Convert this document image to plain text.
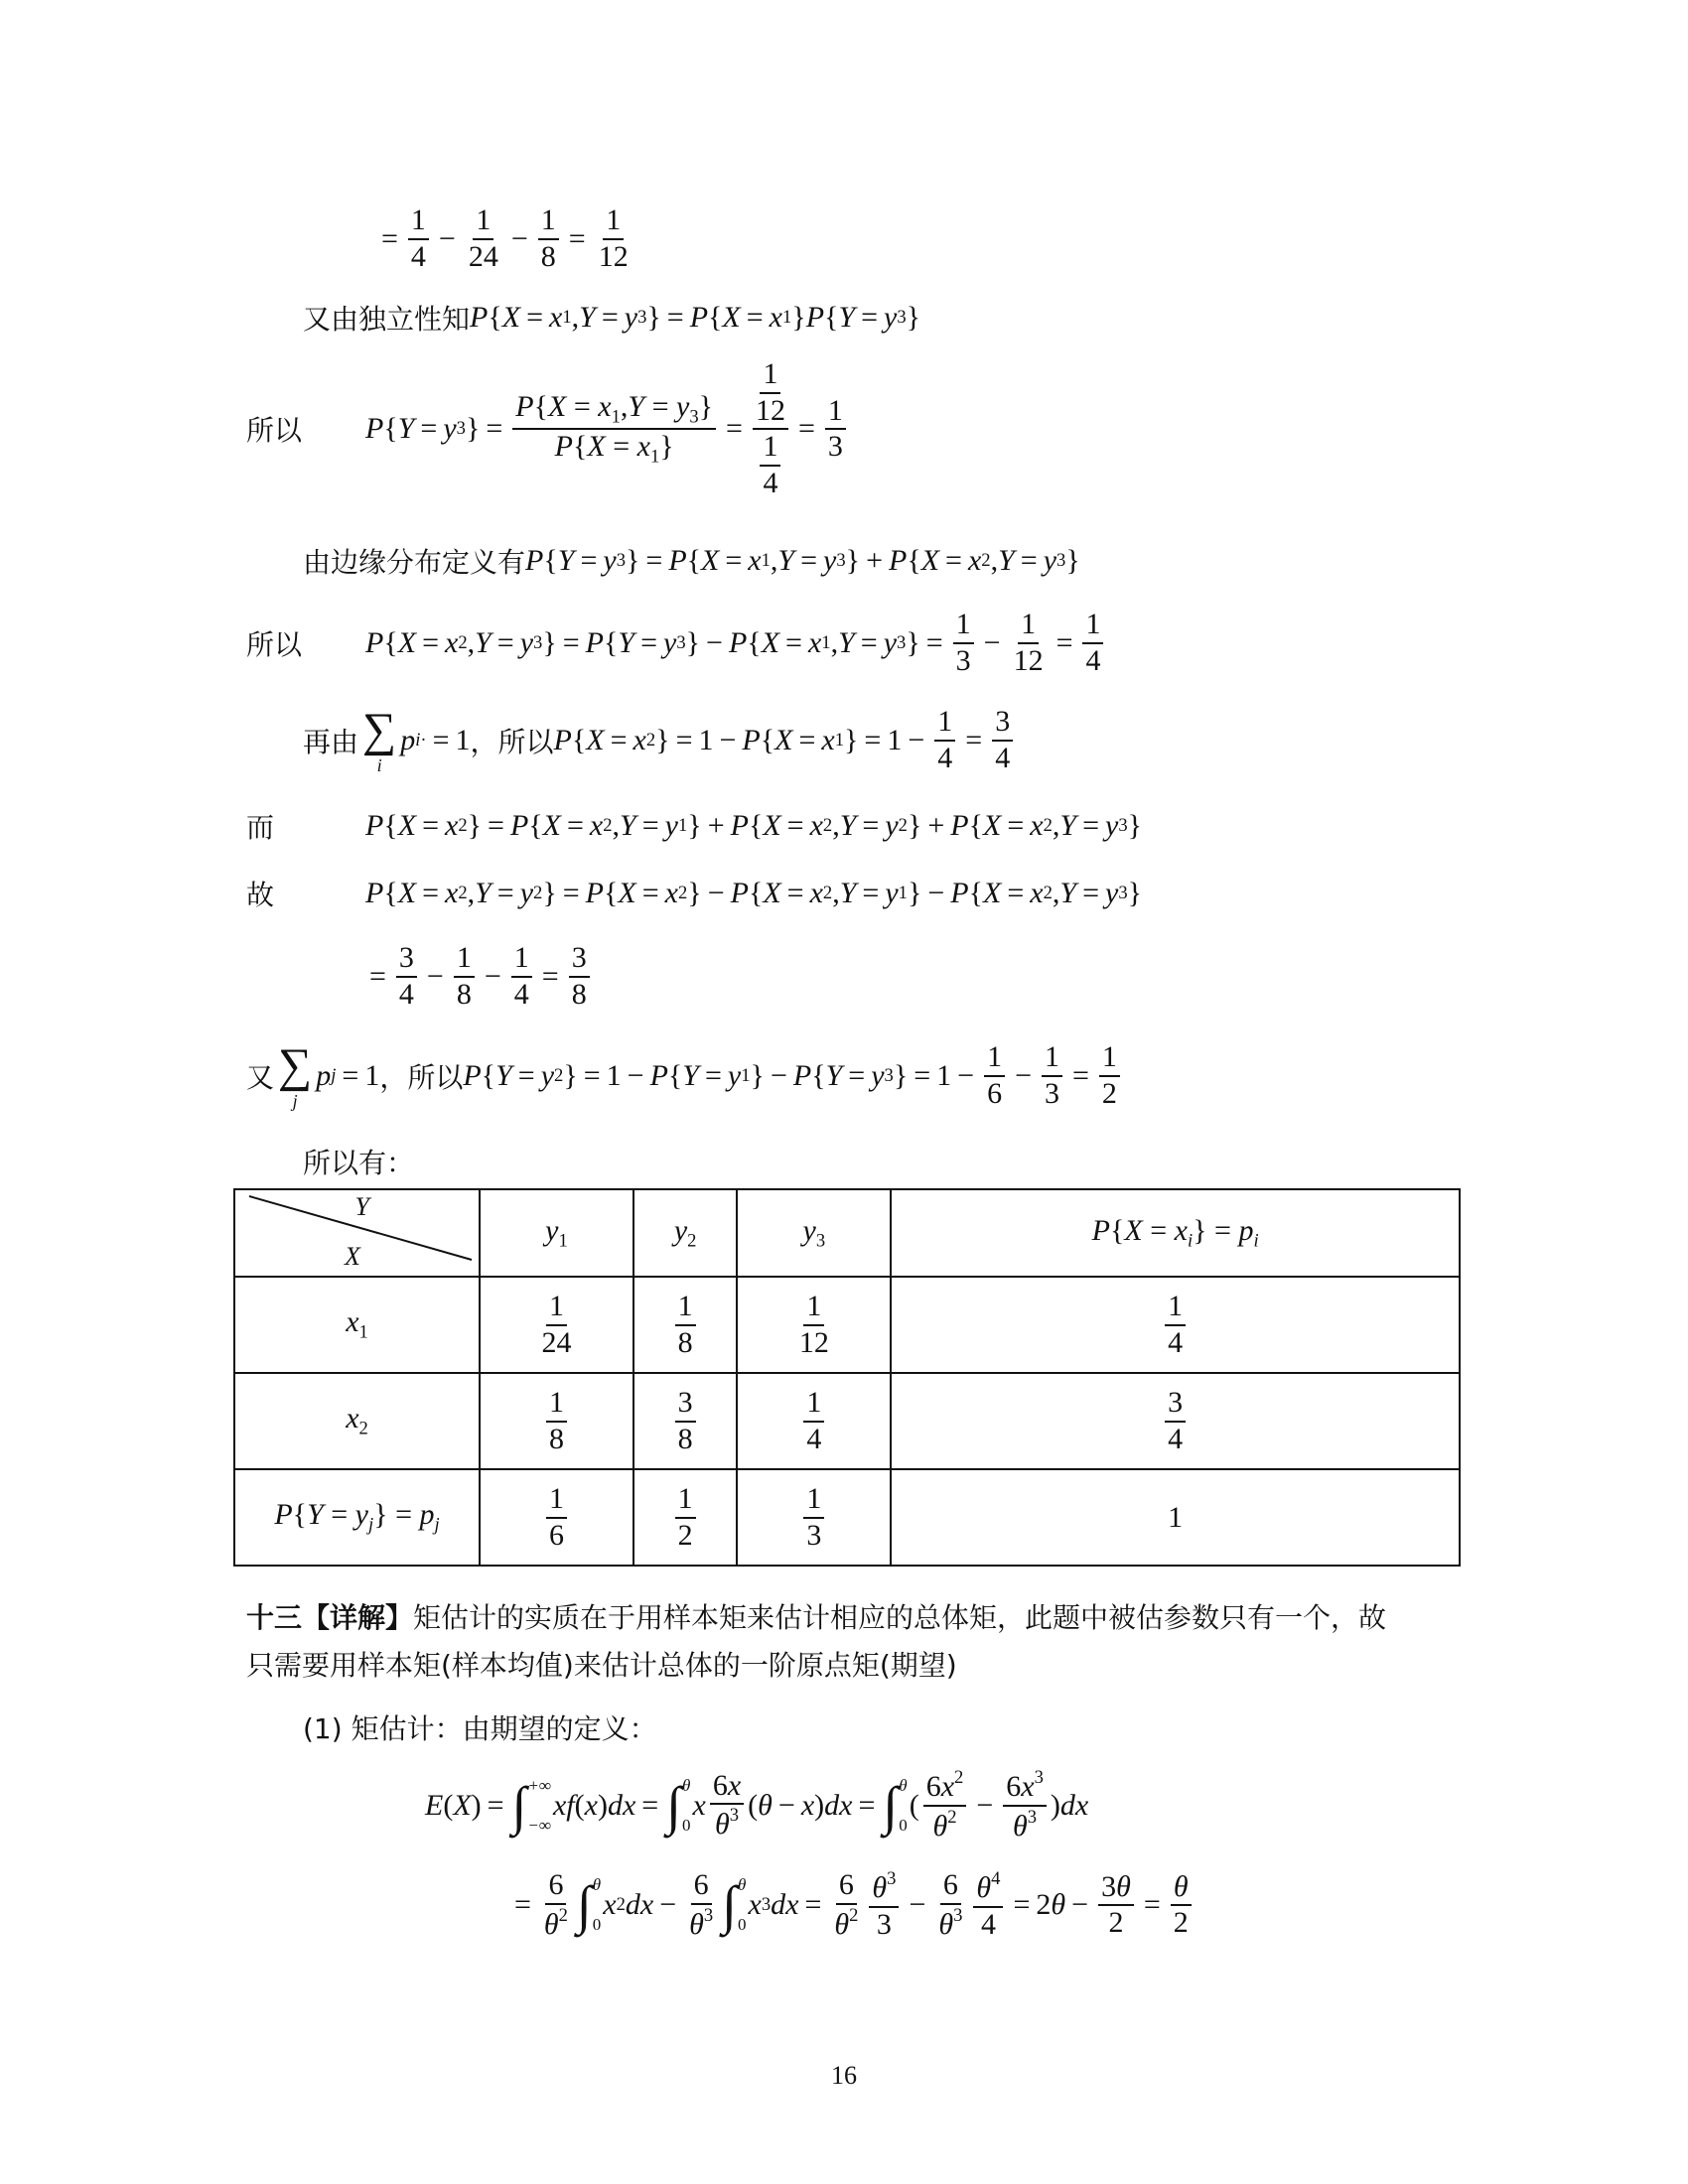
= $\frac{1}{4} - \frac{1}{24} - \frac{1}{8} = \frac{1}{12}$
又由独立性知 P { X = x 1 , Y = y 3 } = P { X = x 1 } P { Y = y 3 }
所以	P { Y = y 3 } = $\frac{P\{X = x_1,Y = y_3\}}{P\{X = x_1\}} = 1$
12
1
$4 = \frac{1}{3}$
由边缘分布定义有 P { Y = y 3 } = P { X = x 1 , Y = y 3 } + P { X = x 2 , Y = y 3 }
所以	P { X = x 2 , Y = y 3 } = P { Y = y 3 } − P { X = x 1 , Y = y 3 } = $\frac{1}{3} - \frac{1}{12} = \frac{1}{4}$
再由 ∑
i
p i· = 1 ，所以 P { X = x 2 } = 1 − P { X = x 1 } = $1 - \frac{1}{4} = \frac{3}{4}$
而	P { X = x 2 } = P { X = x 2 , Y = y 1 } + P { X = x 2 , Y = y 2 } + P { X = x 2 , Y = y 3 }
故	P { X = x 2 , Y = y 2 } = P { X = x 2 } − P { X = x 2 , Y = y 1 } − P { X = x 2 , Y = y 3 }
= $\frac{3}{4} - \frac{1}{8} - \frac{1}{4} = \frac{3}{8}$
又 ∑
j
p j = 1 ，所以 P { Y = y 2 } = 1 − P { Y = y 1 } − P { Y = y 3 } = $1 - \frac{1}{6} - \frac{1}{3} = \frac{1}{2}$
所以有：
Y
X	$y_1$	$y_2$	$y_3$	$P\{X = x_i\} = p_i$
$x_1$	$\frac{1}{24}$	$\frac{1}{8}$	$\frac{1}{12}$	$\frac{1}{4}$

$x_2$	$\frac{1}{8}$	$\frac{3}{8}$	$\frac{1}{4}$	$\frac{3}{4}$

$P\{Y = y_j\} = p_j$	$\frac{1}{6}$	$\frac{1}{2}$	$\frac{1}{3}$	1
十三【详解】 矩估计的实质在于用样本矩来估计相应的总体矩，此题中被估参数只有一个，故
只需要用样本矩(样本均值)来估计总体的一阶原点矩(期望)
(1) 矩估计：由期望的定义：
E ( X ) = ∫ +∞
−∞
xf ( x ) dx = ∫ θ
0
x $\frac{6x}{\theta^3}$ ( θ − x ) dx = ∫ θ
0
( $\frac{6x^2}{\theta^2} - \frac{6x^3}{\theta^3}$ ) dx
= $\frac{6}{\theta^2}$ ∫ θ
0
x 2 dx − $\frac{6}{\theta^3}$ ∫ θ
0
x 3 dx = $\frac{6}{\theta^2} \frac{\theta^3}{3} - \frac{6}{\theta^3} \frac{\theta^4}{4} = 2\theta - \frac{3\theta}{2} = \frac{\theta}{2}$
16
